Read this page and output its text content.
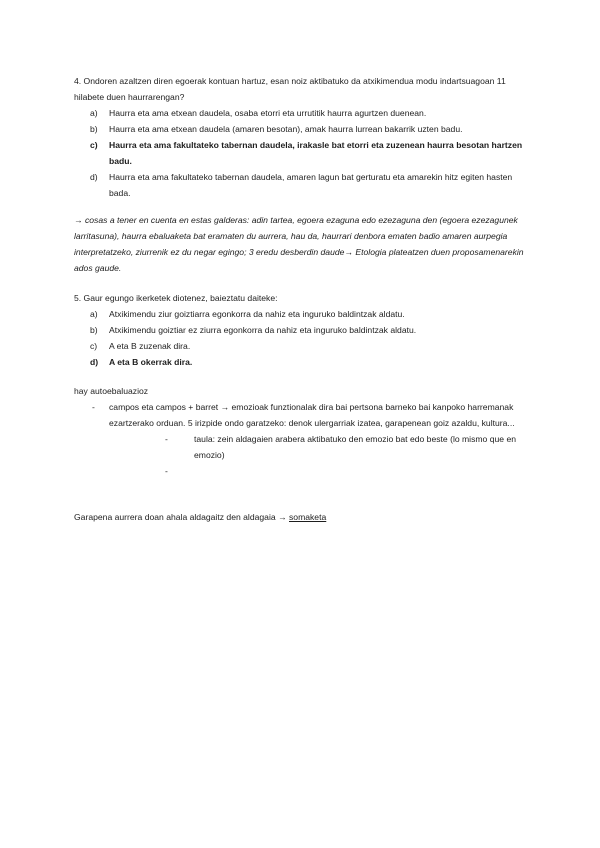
4. Ondoren azaltzen diren egoerak kontuan hartuz, esan noiz aktibatuko da atxikimendua modu indartsuagoan 11 hilabete duen haurrarengan?
a) Haurra eta ama etxean daudela, osaba etorri eta urrutitik haurra agurtzen duenean.
b) Haurra eta ama etxean daudela (amaren besotan), amak haurra lurrean bakarrik uzten badu.
c) Haurra eta ama fakultateko tabernan daudela, irakasle bat etorri eta zuzenean haurra besotan hartzen badu.
d) Haurra eta ama fakultateko tabernan daudela, amaren lagun bat gerturatu eta amarekin hitz egiten hasten bada.
→ cosas a tener en cuenta en estas galderas: adin tartea, egoera ezaguna edo ezezaguna den (egoera ezezagunek larritasuna), haurra ebaluaketa bat eramaten du aurrera, hau da, haurrari denbora ematen badio amaren aurpegia interpretatzeko, ziurrenik ez du negar egingo; 3 eredu desberdin daude→ Etologia plateatzen duen proposamenarekin ados gaude.
5. Gaur egungo ikerketek diotenez, baieztatu daiteke:
a) Atxikimendu ziur goiztiarra egonkorra da nahiz eta inguruko baldintzak aldatu.
b) Atxikimendu goiztiar ez ziurra egonkorra da nahiz eta inguruko baldintzak aldatu.
c) A eta B zuzenak dira.
d) A eta B okerrak dira.
hay autoebaluazioz
- campos eta campos + barret → emozioak funztionalak dira bai pertsona barneko bai kanpoko harremanak ezartzerako orduan. 5 irizpide ondo garatzeko: denok ulergarriak izatea, garapenean goiz azaldu, kultura...
-	taula: zein aldagaien arabera aktibatuko den emozio bat edo beste (lo mismo que en emozio)
-

Garapena aurrera doan ahala aldagaitz den aldagaia → somaketa
